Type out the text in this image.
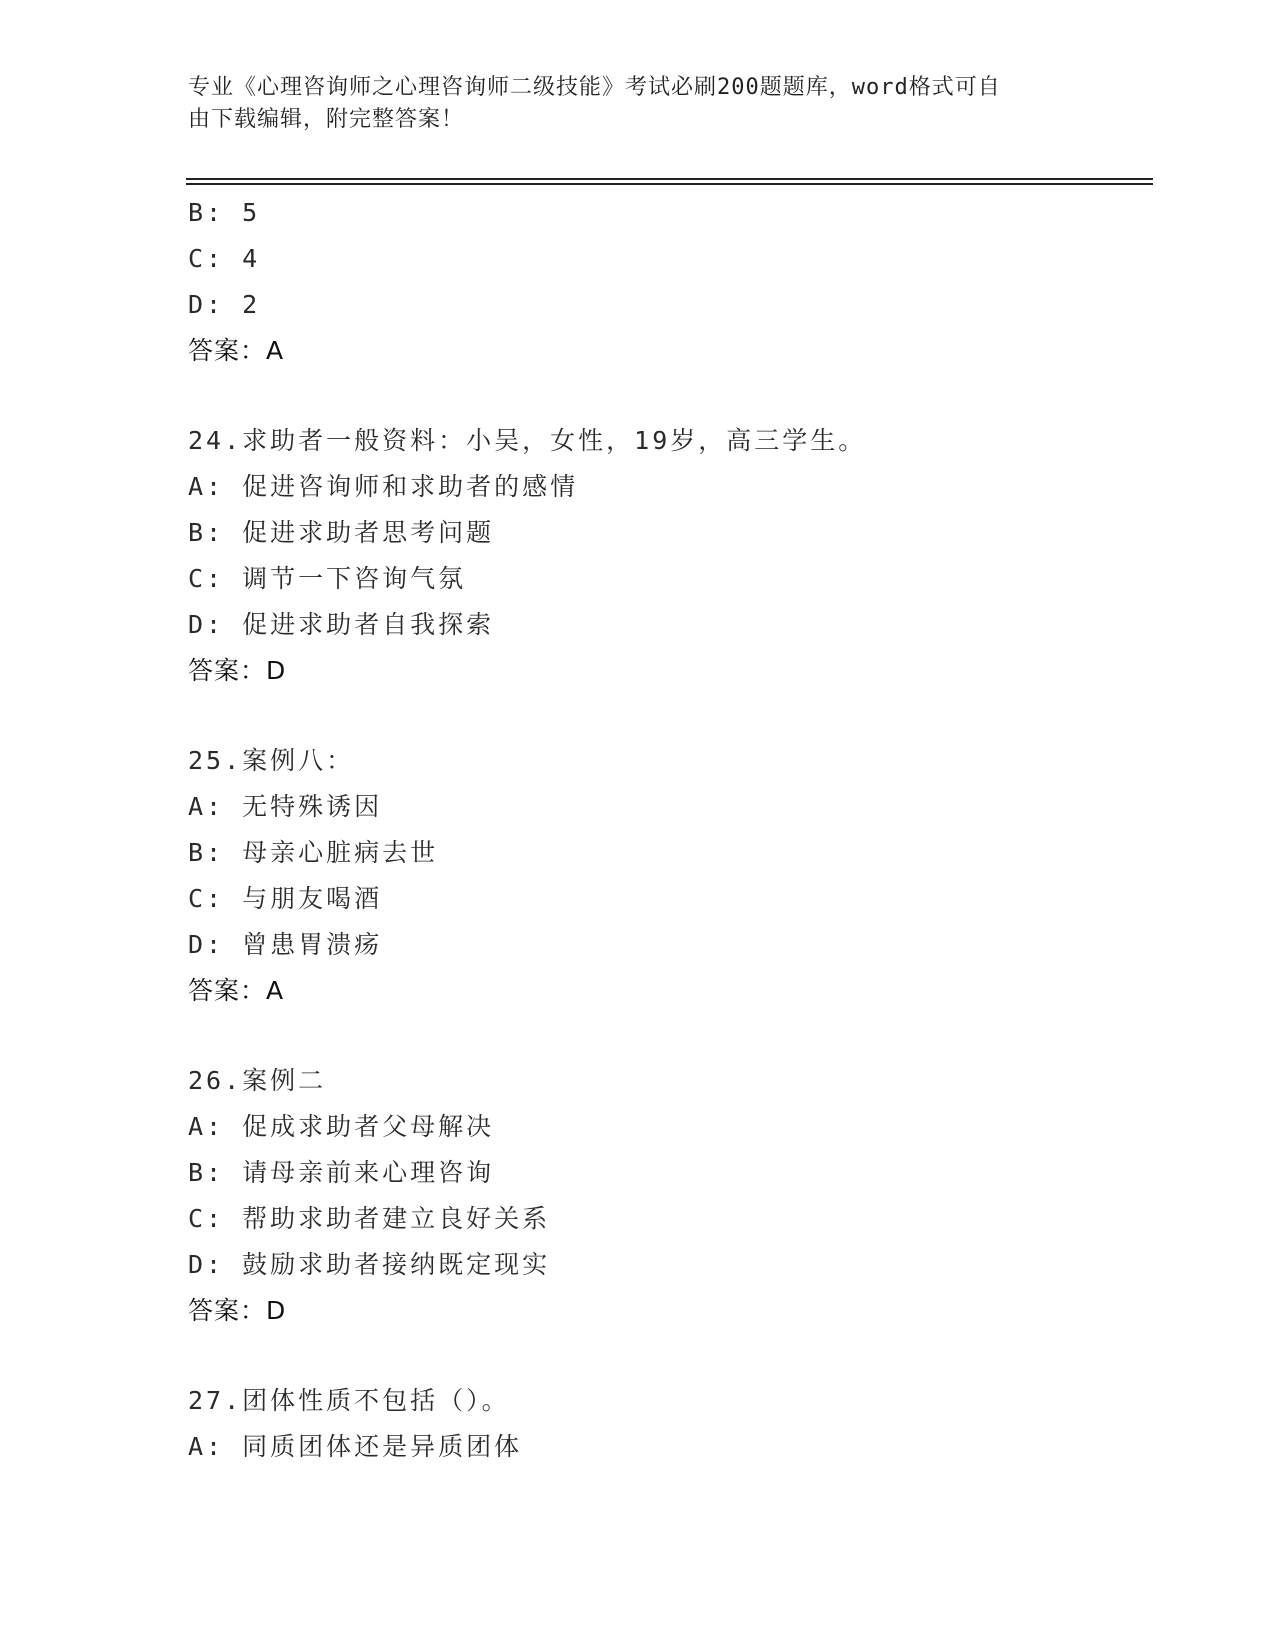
专业《心理咨询师之心理咨询师二级技能》考试必刷200题题库，word格式可自
由下载编辑，附完整答案！
B: 5
C: 4
D: 2
答案：A
24.求助者一般资料：小吴，女性，19岁，高三学生。
A: 促进咨询师和求助者的感情
B: 促进求助者思考问题
C: 调节一下咨询气氛
D: 促进求助者自我探索
答案：D
25.案例八：
A: 无特殊诱因
B: 母亲心脏病去世
C: 与朋友喝酒
D: 曾患胃溃疡
答案：A
26.案例二
A: 促成求助者父母解决
B: 请母亲前来心理咨询
C: 帮助求助者建立良好关系
D: 鼓励求助者接纳既定现实
答案：D
27.团体性质不包括（）。
A: 同质团体还是异质团体
